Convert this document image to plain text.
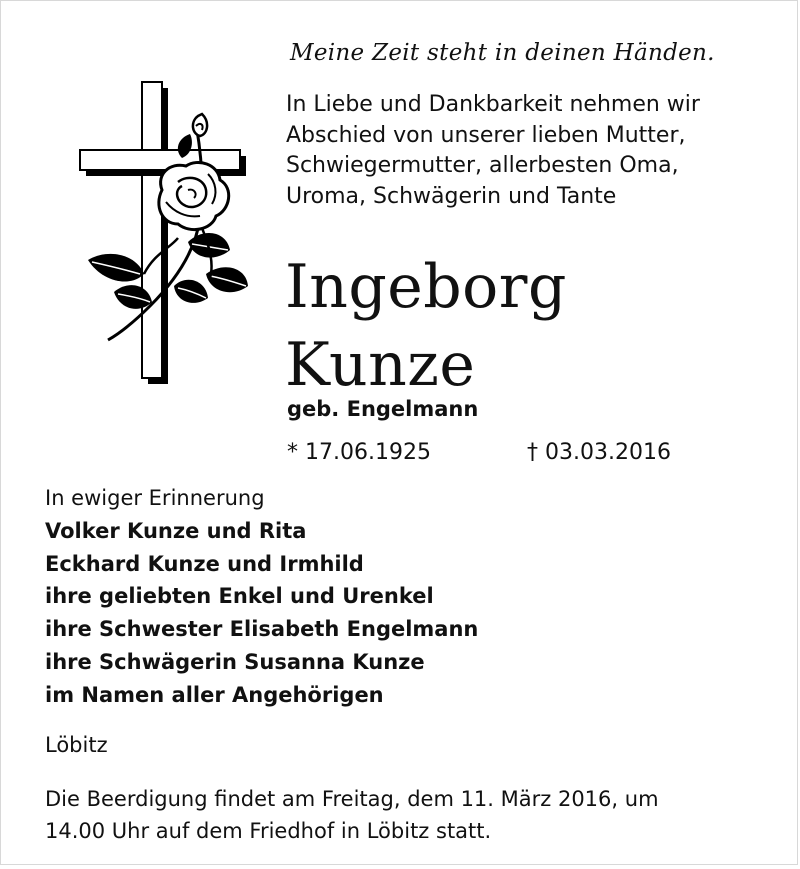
Meine Zeit steht in deinen Händen.
In Liebe und Dankbarkeit nehmen wir
Abschied von unserer lieben Mutter,
Schwiegermutter, allerbesten Oma,
Uroma, Schwägerin und Tante
Ingeborg
Kunze
geb. Engelmann
* 17.06.1925	† 03.03.2016
In ewiger Erinnerung
Volker Kunze und Rita
Eckhard Kunze und Irmhild
ihre geliebten Enkel und Urenkel
ihre Schwester Elisabeth Engelmann
ihre Schwägerin Susanna Kunze
im Namen aller Angehörigen
Löbitz
Die Beerdigung findet am Freitag, dem 11. März 2016, um
14.00 Uhr auf dem Friedhof in Löbitz statt.
